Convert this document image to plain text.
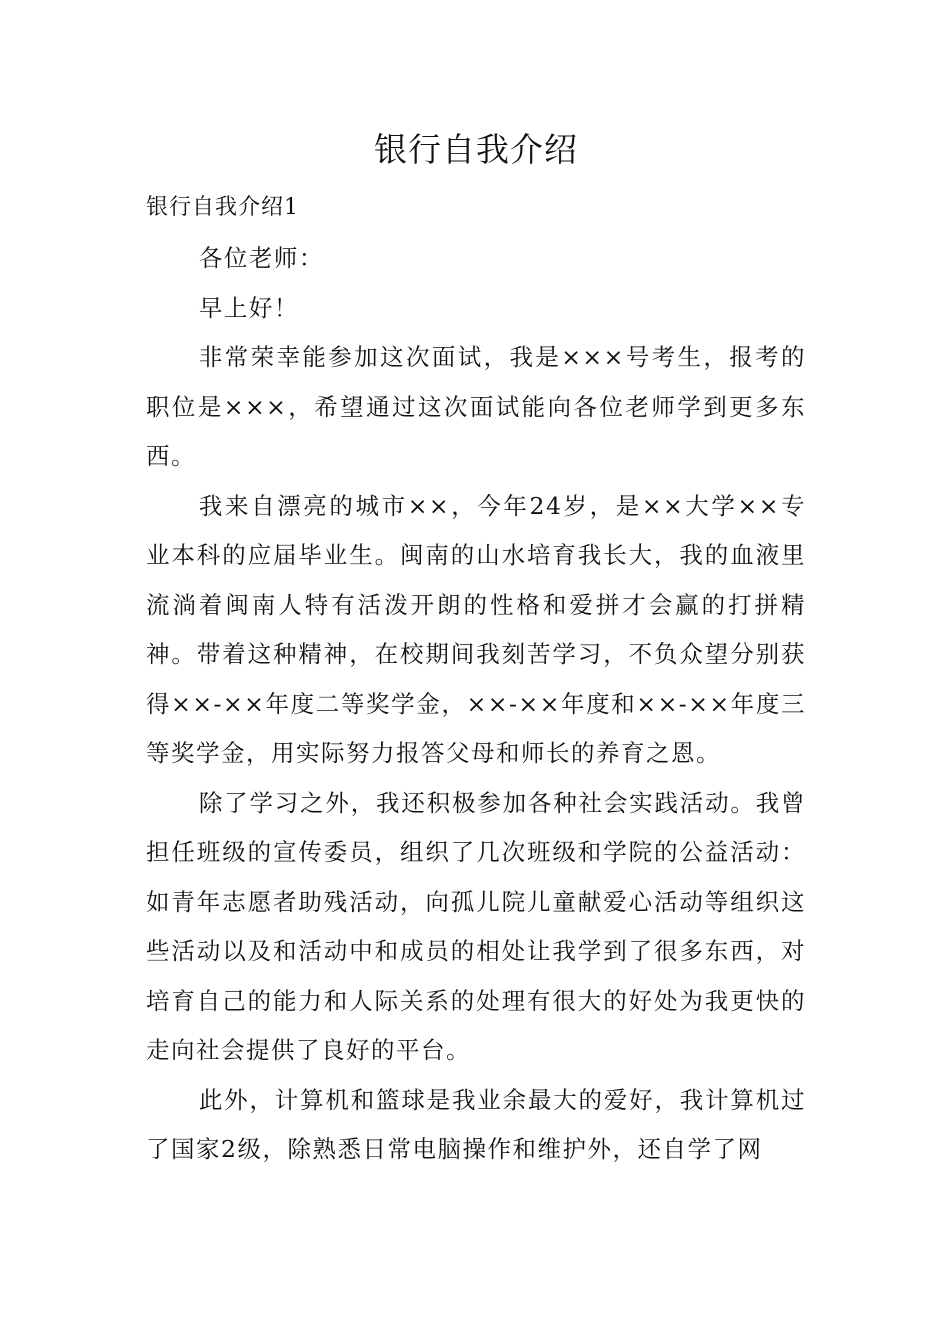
银行自我介绍
银行自我介绍1

各位老师：

早上好！

非常荣幸能参加这次面试，我是×××号考生，报考的职位是×××，希望通过这次面试能向各位老师学到更多东西。

我来自漂亮的城市××，今年24岁，是××大学××专业本科的应届毕业生。闽南的山水培育我长大，我的血液里流淌着闽南人特有活泼开朗的性格和爱拼才会赢的打拼精神。带着这种精神，在校期间我刻苦学习，不负众望分别获得××-××年度二等奖学金，××-××年度和××-××年度三等奖学金，用实际努力报答父母和师长的养育之恩。

除了学习之外，我还积极参加各种社会实践活动。我曾担任班级的宣传委员，组织了几次班级和学院的公益活动：如青年志愿者助残活动，向孤儿院儿童献爱心活动等组织这些活动以及和活动中和成员的相处让我学到了很多东西，对培育自己的能力和人际关系的处理有很大的好处为我更快的走向社会提供了良好的平台。

此外，计算机和篮球是我业余最大的爱好，我计算机过了国家2级，除熟悉日常电脑操作和维护外，还自学了网
